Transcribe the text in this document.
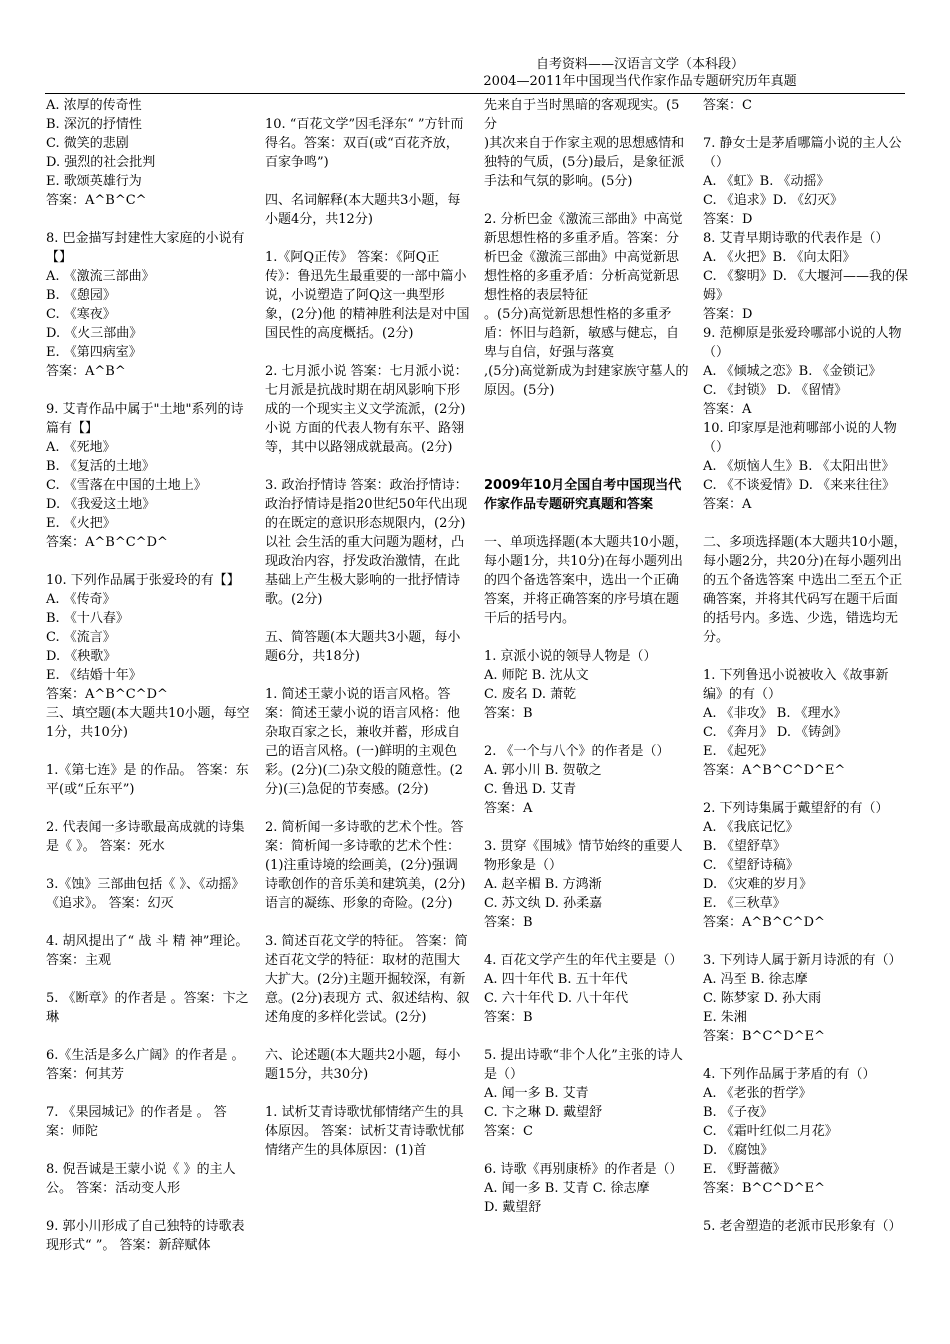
自考资料——汉语言文学（本科段）
2004—2011年中国现当代作家作品专题研究历年真题

A. 浓厚的传奇性

B. 深沉的抒情性

C. 微笑的悲剧

D. 强烈的社会批判

E. 歌颂英雄行为

答案：A^B^C^

8. 巴金描写封建性大家庭的小说有【】

A. 《激流三部曲》

B. 《憩园》

C. 《寒夜》

D. 《火三部曲》

E. 《第四病室》

答案：A^B^

9. 艾青作品中属于"土地"系列的诗篇有【】

A. 《死地》

B. 《复活的土地》

C. 《雪落在中国的土地上》

D. 《我爱这土地》

E. 《火把》

答案：A^B^C^D^

10. 下列作品属于张爱玲的有【】

A. 《传奇》

B. 《十八春》

C. 《流言》

D. 《秧歌》

E. 《结婚十年》

答案：A^B^C^D^

三、填空题(本大题共10小题，每空1分，共10分)

1.《第七连》是 的作品。 答案：东平(或“丘东平”)

2. 代表闻一多诗歌最高成就的诗集是《 》。 答案：死水

3.《蚀》三部曲包括《 》、《动摇》《追求》。 答案：幻灭

4. 胡风提出了“ 战 斗 精 神”理论。 答案：主观

5. 《断章》的作者是 。答案：卞之琳

6.《生活是多么广阔》的作者是 。答案：何其芳

7. 《果园城记》的作者是 。 答案：师陀

8. 倪吾诚是王蒙小说《 》的主人公。 答案：活动变人形

9. 郭小川形成了自己独特的诗歌表现形式“ ”。 答案：新辞赋体

10. “百花文学”因毛泽东“ ”方针而得名。答案：双百(或“百花齐放，百家争鸣”)

四、名词解释(本大题共3小题，每小题4分，共12分)

1.《阿Q正传》 答案：《阿Q正传》：鲁迅先生最重要的一部中篇小说，小说塑造了阿Q这一典型形象，(2分)他 的精神胜利法是对中国国民性的高度概括。(2分)

2. 七月派小说 答案：七月派小说：七月派是抗战时期在胡风影响下形成的一个现实主义文学流派，(2分)小说 方面的代表人物有东平、路翎等，其中以路翎成就最高。(2分)

3. 政治抒情诗 答案：政治抒情诗：政治抒情诗是指20世纪50年代出现的在既定的意识形态规限内，(2分)以社 会生活的重大问题为题材，凸现政治内容，抒发政治激情，在此基础上产生极大影响的一批抒情诗 歌。(2分)

五、简答题(本大题共3小题，每小题6分，共18分)

1. 简述王蒙小说的语言风格。答案：简述王蒙小说的语言风格：他杂取百家之长，兼收并蓄，形成自己的语言风格。(一)鲜明的主观色彩。(2分)(二)杂文般的随意性。(2分)(三)急促的节奏感。(2分)

2. 简析闻一多诗歌的艺术个性。答案：简析闻一多诗歌的艺术个性：(1)注重诗境的绘画美，(2分)强调诗歌创作的音乐美和建筑美，(2分)语言的凝练、形象的奇险。(2分)

3. 简述百花文学的特征。 答案：简述百花文学的特征：取材的范围大大扩大。(2分)主题开掘较深，有新意。(2分)表现方 式、叙述结构、叙述角度的多样化尝试。(2分)

六、论述题(本大题共2小题，每小题15分，共30分)

1. 试析艾青诗歌忧郁情绪产生的具体原因。 答案：试析艾青诗歌忧郁情绪产生的具体原因：(1)首

先来自于当时黑暗的客观现实。(5分

)其次来自于作家主观的思想感情和独特的气质，(5分)最后，是象征派手法和气氛的影响。(5分)

2. 分析巴金《激流三部曲》中高觉新思想性格的多重矛盾。答案：分析巴金《激流三部曲》中高觉新思想性格的多重矛盾：分析高觉新思想性格的表层特征

。(5分)高觉新思想性格的多重矛盾：怀旧与趋新，敏感与健忘，自卑与自信，好强与落寞

,(5分)高觉新成为封建家族守墓人的原因。(5分)

2009年10月全国自考中国现当代作家作品专题研究真题和答案

一、单项选择题(本大题共10小题，每小题1分，共10分)在每小题列出的四个备选答案中，选出一个正确答案，并将正确答案的序号填在题干后的括号内。

1. 京派小说的领导人物是（）

A. 师陀 B. 沈从文

C. 废名 D. 萧乾

答案：B

2. 《一个与八个》的作者是（）

A. 郭小川 B. 贺敬之

C. 鲁迅 D. 艾青

答案：A

3. 贯穿《围城》情节始终的重要人物形象是（）

A. 赵辛楣 B. 方鸿渐

C. 苏文纨 D. 孙柔嘉

答案：B

4. 百花文学产生的年代主要是（）

A. 四十年代 B. 五十年代

C. 六十年代 D. 八十年代

答案：B

5. 提出诗歌“非个人化”主张的诗人是（）

A. 闻一多 B. 艾青

C. 卞之琳 D. 戴望舒

答案：C

6. 诗歌《再别康桥》的作者是（）

A. 闻一多 B. 艾青 C. 徐志摩

D. 戴望舒

答案：C

7. 静女士是茅盾哪篇小说的主人公（）

A. 《虹》B. 《动摇》

C. 《追求》D. 《幻灭》

答案：D

8. 艾青早期诗歌的代表作是（）

A. 《火把》B. 《向太阳》

C. 《黎明》D. 《大堰河——我的保姆》

答案：D

9. 范柳原是张爱玲哪部小说的人物（）

A. 《倾城之恋》B. 《金锁记》

C. 《封锁》 D. 《留情》

答案：A

10. 印家厚是池莉哪部小说的人物（）

A. 《烦恼人生》B. 《太阳出世》

C. 《不谈爱情》D. 《来来往往》

答案：A

二、多项选择题(本大题共10小题，每小题2分，共20分)在每小题列出的五个备选答案 中选出二至五个正确答案，并将其代码写在题干后面的括号内。多选、少选，错选均无分。

1. 下列鲁迅小说被收入《故事新编》的有（）

A. 《非攻》 B. 《理水》

C. 《奔月》 D. 《铸剑》

E. 《起死》

答案：A^B^C^D^E^

2. 下列诗集属于戴望舒的有（）

A. 《我底记忆》

B. 《望舒草》

C. 《望舒诗稿》

D. 《灾难的岁月》

E. 《三秋草》

答案：A^B^C^D^

3. 下列诗人属于新月诗派的有（）

A. 冯至 B. 徐志摩

C. 陈梦家 D. 孙大雨

E. 朱湘

答案：B^C^D^E^

4. 下列作品属于茅盾的有（）

A. 《老张的哲学》

B. 《子夜》

C. 《霜叶红似二月花》

D. 《腐蚀》

E. 《野蔷薇》

答案：B^C^D^E^

5. 老舍塑造的老派市民形象有（）
